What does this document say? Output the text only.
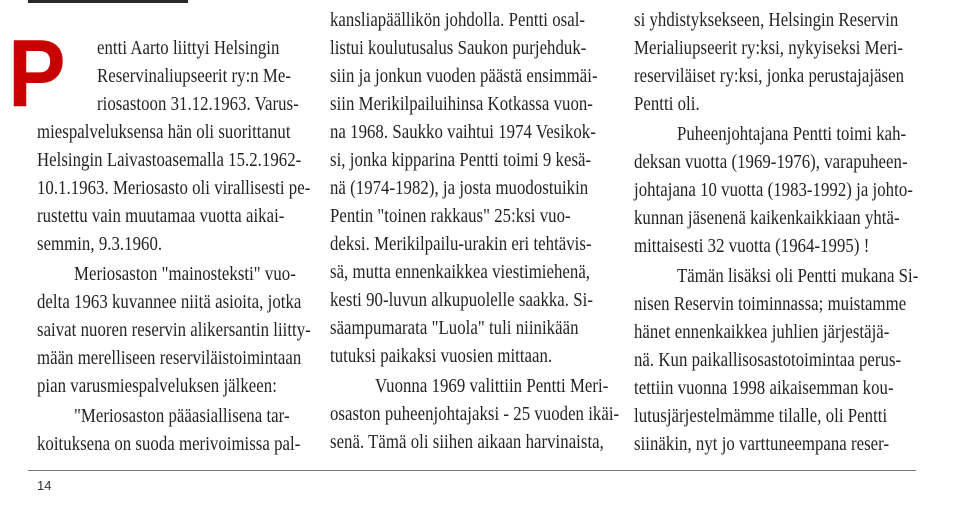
P entti Aarto liittyi Helsingin
Reservinaliupseerit ry:n Me-
riosastoon 31.12.1963. Varus-
miespalveluksensa hän oli suorittanut
Helsingin Laivastoasemalla 15.2.1962-
10.1.1963. Meriosasto oli virallisesti pe-
rustettu vain muutamaa vuotta aikai-
semmin, 9.3.1960.
Meriosaston "mainosteksti" vuo-
delta 1963 kuvannee niitä asioita, jotka
saivat nuoren reservin alikersantin liitty-
mään merelliseen reserviläistoimintaan
pian varusmiespalveluksen jälkeen:
"Meriosaston pääasiallisena tar-
koituksena on suoda merivoimissa pal-
kansliapäällikön johdolla. Pentti osal-
listui koulutusalus Saukon purjehduk-
siin ja jonkun vuoden päästä ensimmäi-
siin Merikilpailuihinsa Kotkassa vuon-
na 1968. Saukko vaihtui 1974 Vesikok-
si, jonka kipparina Pentti toimi 9 kesä-
nä (1974-1982), ja josta muodostuikin
Pentin "toinen rakkaus" 25:ksi vuo-
deksi. Merikilpailu-urakin eri tehtävis-
sä, mutta ennenkaikkea viestimiehenä,
kesti 90-luvun alkupuolelle saakka. Si-
säampumarata "Luola" tuli niinikään
tutuksi paikaksi vuosien mittaan.
Vuonna 1969 valittiin Pentti Meri-
osaston puheenjohtajaksi - 25 vuoden ikäi-
senä. Tämä oli siihen aikaan harvinaista,
si yhdistyksekseen, Helsingin Reservin
Merialiupseerit ry:ksi, nykyiseksi Meri-
reserviläiset ry:ksi, jonka perustajajäsen
Pentti oli.
Puheenjohtajana Pentti toimi kah-
deksan vuotta (1969-1976), varapuheen-
johtajana 10 vuotta (1983-1992) ja johto-
kunnan jäsenenä kaikenkaikkiaan yhtä-
mittaisesti 32 vuotta (1964-1995) !
Tämän lisäksi oli Pentti mukana Si-
nisen Reservin toiminnassa; muistamme
hänet ennenkaikkea juhlien järjestäjä-
nä. Kun paikallisosastotoimintaa perus-
tettiin vuonna 1998 aikaisemman kou-
lutusjärjestelmämme tilalle, oli Pentti
siinäkin, nyt jo varttuneempana reser-
14
